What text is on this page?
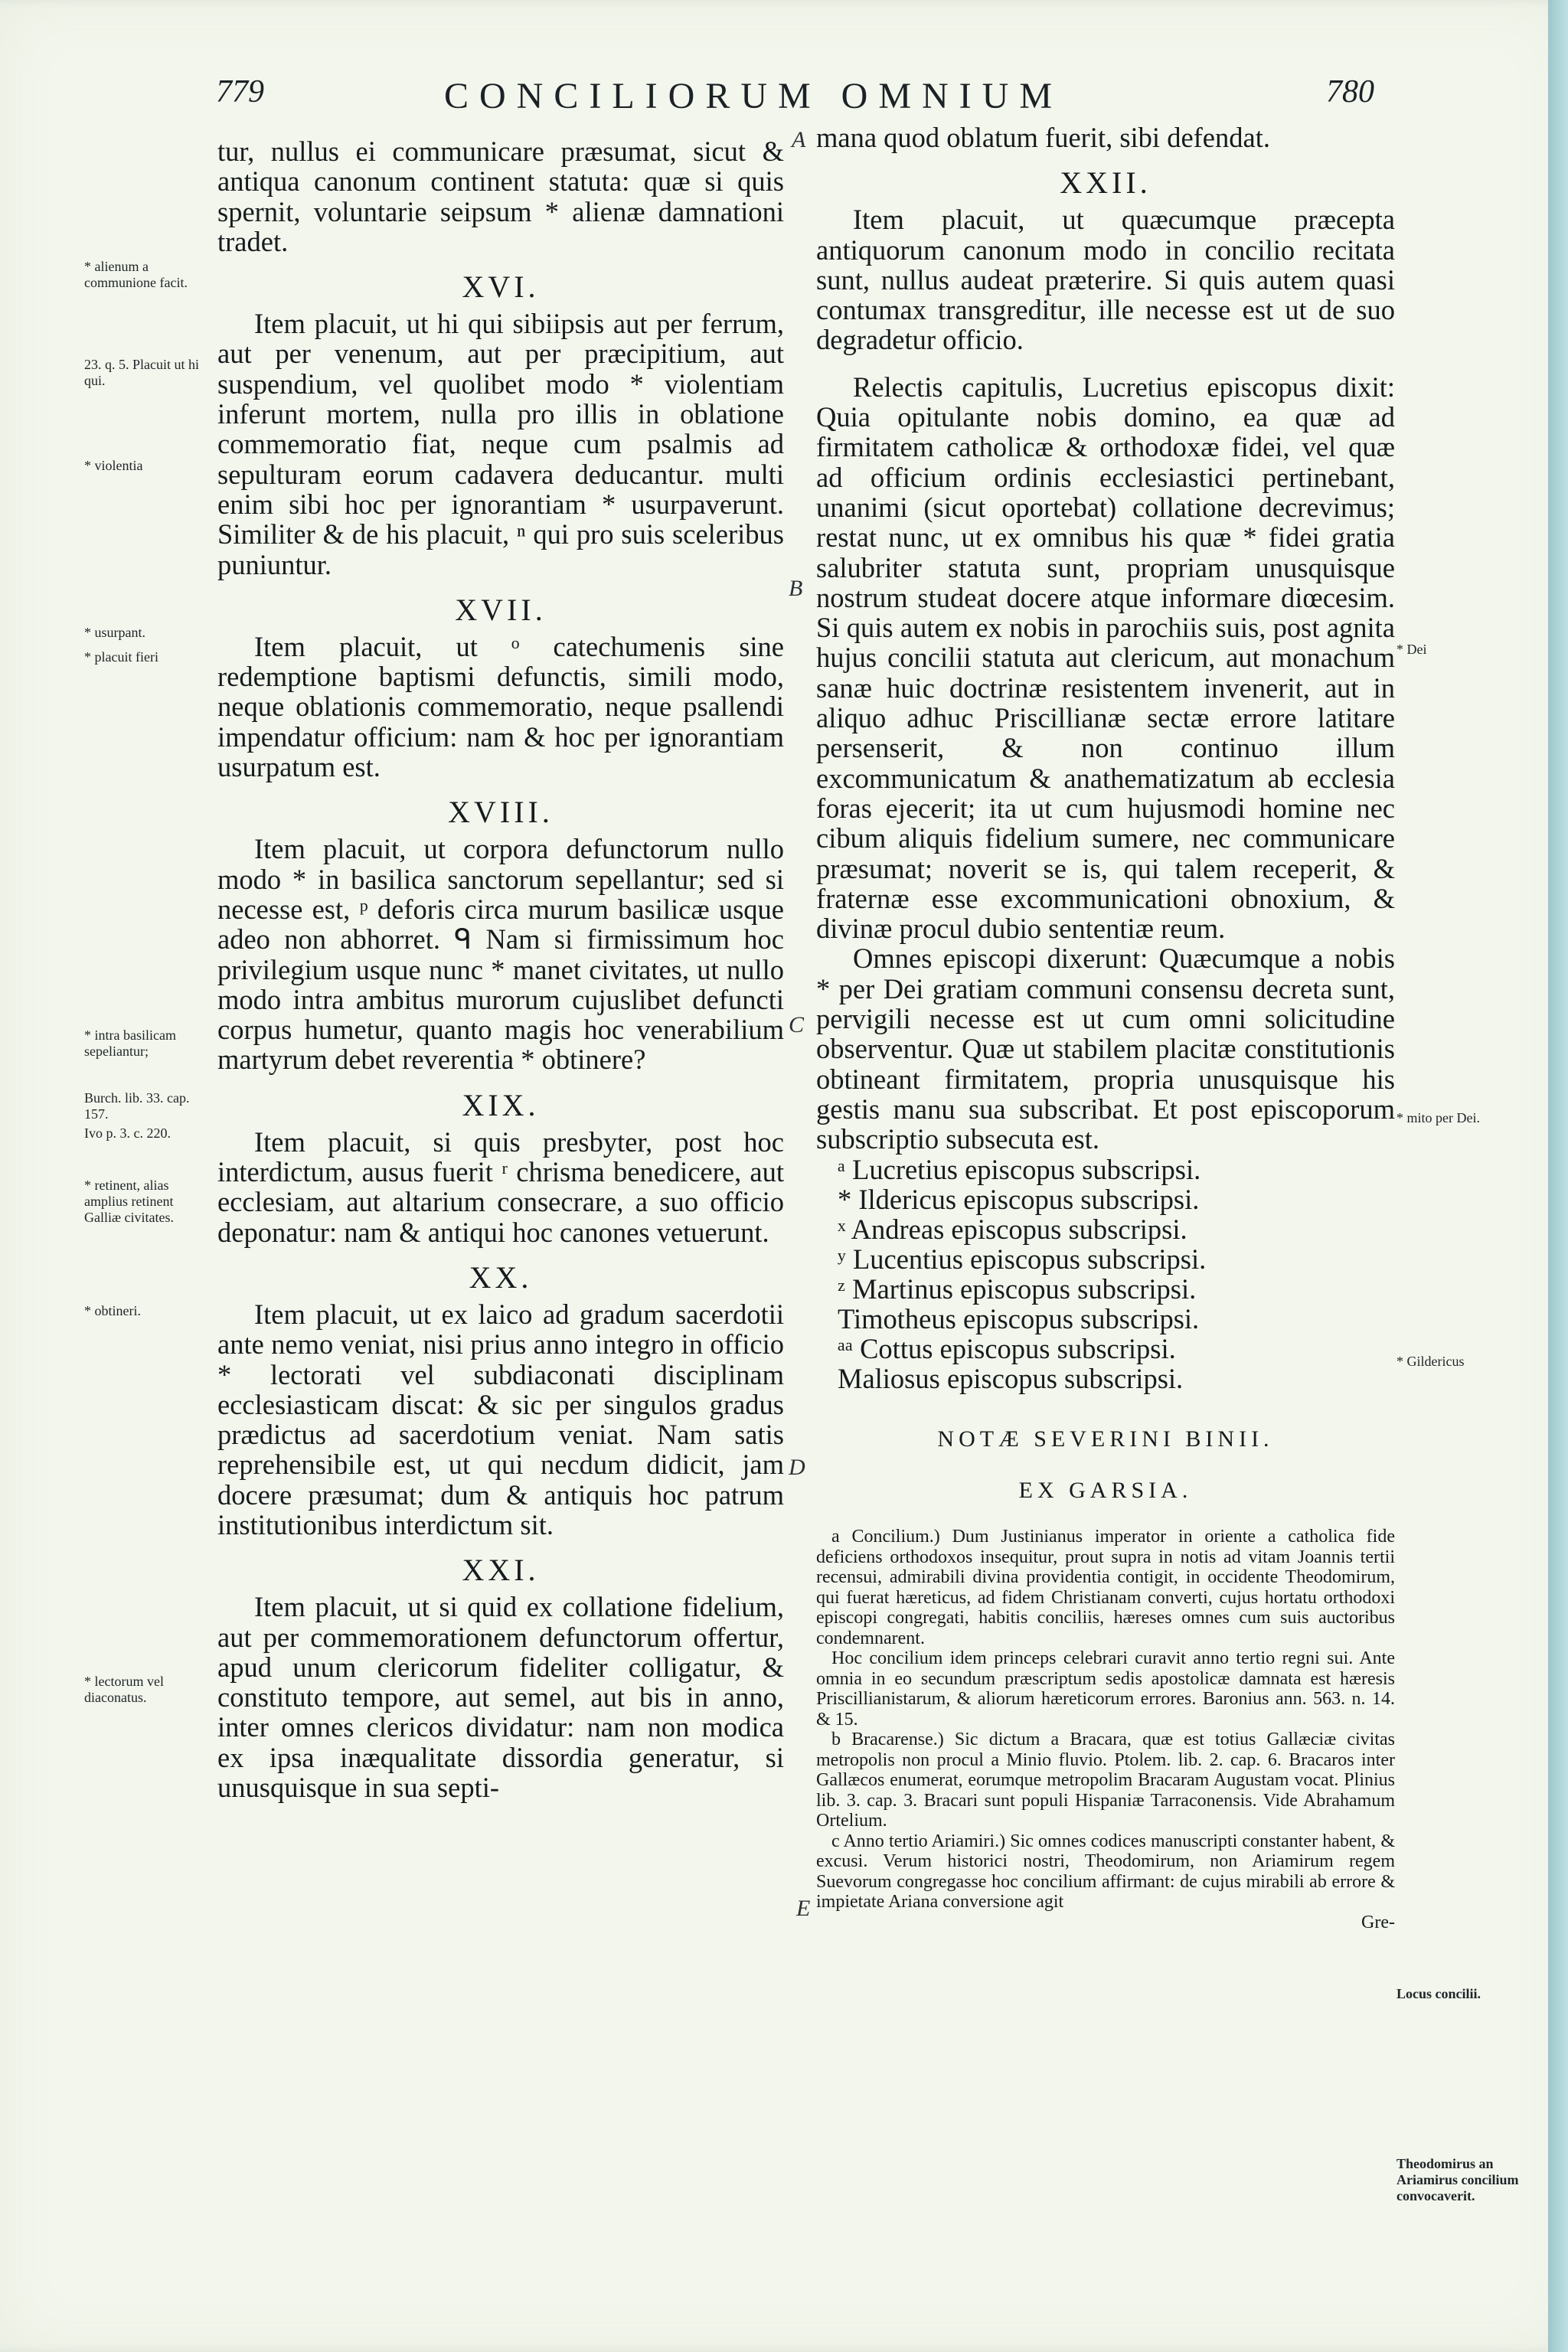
779	CONCILIORUM OMNIUM	780
A
B
C
D
E
* alienum a communione facit.
23. q. 5. Placuit ut hi qui.
* violentia
* usurpant.
* placuit fieri
* intra basilicam sepeliantur;
Burch. lib. 33. cap. 157.
Ivo p. 3. c. 220.
* retinent, alias amplius retinent Galliæ civitates.
* obtineri.
* lectorum vel diaconatus.
* Dei
* mito per Dei.
* Gildericus
Locus concilii.
Theodomirus an Ariamirus concilium convocaverit.

tur, nullus ei communicare præsumat, sicut & antiqua canonum continent statuta: quæ si quis spernit, voluntarie seipsum * alienæ damnationi tradet.

XVI.

Item placuit, ut hi qui sibiipsis aut per ferrum, aut per venenum, aut per præcipitium, aut suspendium, vel quolibet modo * violentiam inferunt mortem, nulla pro illis in oblatione commemoratio fiat, neque cum psalmis ad sepulturam eorum cadavera deducantur. multi enim sibi hoc per ignorantiam * usurpaverunt. Similiter & de his placuit, ⁿ qui pro suis sceleribus puniuntur.

XVII.

Item placuit, ut ᵒ catechumenis sine redemptione baptismi defunctis, simili modo, neque oblationis commemoratio, neque psallendi impendatur officium: nam & hoc per ignorantiam usurpatum est.

XVIII.

Item placuit, ut corpora defunctorum nullo modo * in basilica sanctorum sepellantur; sed si necesse est, ᵖ deforis circa murum basilicæ usque adeo non abhorret. ᑫ Nam si firmissimum hoc privilegium usque nunc * manet civitates, ut nullo modo intra ambitus murorum cujuslibet defuncti corpus humetur, quanto magis hoc venerabilium martyrum debet reverentia * obtinere?

XIX.

Item placuit, si quis presbyter, post hoc interdictum, ausus fuerit ʳ chrisma benedicere, aut ecclesiam, aut altarium consecrare, a suo officio deponatur: nam & antiqui hoc canones vetuerunt.

XX.

Item placuit, ut ex laico ad gradum sacerdotii ante nemo veniat, nisi prius anno integro in officio * lectorati vel subdiaconati disciplinam ecclesiasticam discat: & sic per singulos gradus prædictus ad sacerdotium veniat. Nam satis reprehensibile est, ut qui necdum didicit, jam docere præsumat; dum & antiquis hoc patrum institutionibus interdictum sit.

XXI.

Item placuit, ut si quid ex collatione fidelium, aut per commemorationem defunctorum offertur, apud unum clericorum fideliter colligatur, & constituto tempore, aut semel, aut bis in anno, inter omnes clericos dividatur: nam non modica ex ipsa inæqualitate dissordia generatur, si unusquisque in sua septi-

mana quod oblatum fuerit, sibi defendat.

XXII.

Item placuit, ut quæcumque præcepta antiquorum canonum modo in concilio recitata sunt, nullus audeat præterire. Si quis autem quasi contumax transgreditur, ille necesse est ut de suo degradetur officio.

Relectis capitulis, Lucretius episcopus dixit: Quia opitulante nobis domino, ea quæ ad firmitatem catholicæ & orthodoxæ fidei, vel quæ ad officium ordinis ecclesiastici pertinebant, unanimi (sicut oportebat) collatione decrevimus; restat nunc, ut ex omnibus his quæ * fidei gratia salubriter statuta sunt, propriam unusquisque nostrum studeat docere atque informare diœcesim. Si quis autem ex nobis in parochiis suis, post agnita hujus concilii statuta aut clericum, aut monachum sanæ huic doctrinæ resistentem invenerit, aut in aliquo adhuc Priscillianæ sectæ errore latitare persenserit, & non continuo illum excommunicatum & anathematizatum ab ecclesia foras ejecerit; ita ut cum hujusmodi homine nec cibum aliquis fidelium sumere, nec communicare præsumat; noverit se is, qui talem receperit, & fraternæ esse excommunicationi obnoxium, & divinæ procul dubio sententiæ reum.

Omnes episcopi dixerunt: Quæcumque a nobis * per Dei gratiam communi consensu decreta sunt, pervigili necesse est ut cum omni solicitudine observentur. Quæ ut stabilem placitæ constitutionis obtineant firmitatem, propria unusquisque his gestis manu sua subscribat. Et post episcoporum subscriptio subsecuta est.

ᵃ Lucretius episcopus subscripsi.

* Ildericus episcopus subscripsi.

ˣ Andreas episcopus subscripsi.

ʸ Lucentius episcopus subscripsi.

ᶻ Martinus episcopus subscripsi.

Timotheus episcopus subscripsi.

ᵃᵃ Cottus episcopus subscripsi.

Maliosus episcopus subscripsi.

NOTÆ SEVERINI BINII.
EX GARSIA.

a Concilium.) Dum Justinianus imperator in oriente a catholica fide deficiens orthodoxos insequitur, prout supra in notis ad vitam Joannis tertii recensui, admirabili divina providentia contigit, in occidente Theodomirum, qui fuerat hæreticus, ad fidem Christianam converti, cujus hortatu orthodoxi episcopi congregati, habitis conciliis, hæreses omnes cum suis auctoribus condemnarent.

Hoc concilium idem princeps celebrari curavit anno tertio regni sui. Ante omnia in eo secundum præscriptum sedis apostolicæ damnata est hæresis Priscillianistarum, & aliorum hæreticorum errores. Baronius ann. 563. n. 14. & 15.

b Bracarense.) Sic dictum a Bracara, quæ est totius Gallæciæ civitas metropolis non procul a Minio fluvio. Ptolem. lib. 2. cap. 6. Bracaros inter Gallæcos enumerat, eorumque metropolim Bracaram Augustam vocat. Plinius lib. 3. cap. 3. Bracari sunt populi Hispaniæ Tarraconensis. Vide Abrahamum Ortelium.

c Anno tertio Ariamiri.) Sic omnes codices manuscripti constanter habent, & excusi. Verum historici nostri, Theodomirum, non Ariamirum regem Suevorum congregasse hoc concilium affirmant: de cujus mirabili ab errore & impietate Ariana conversione agit

Gre-
